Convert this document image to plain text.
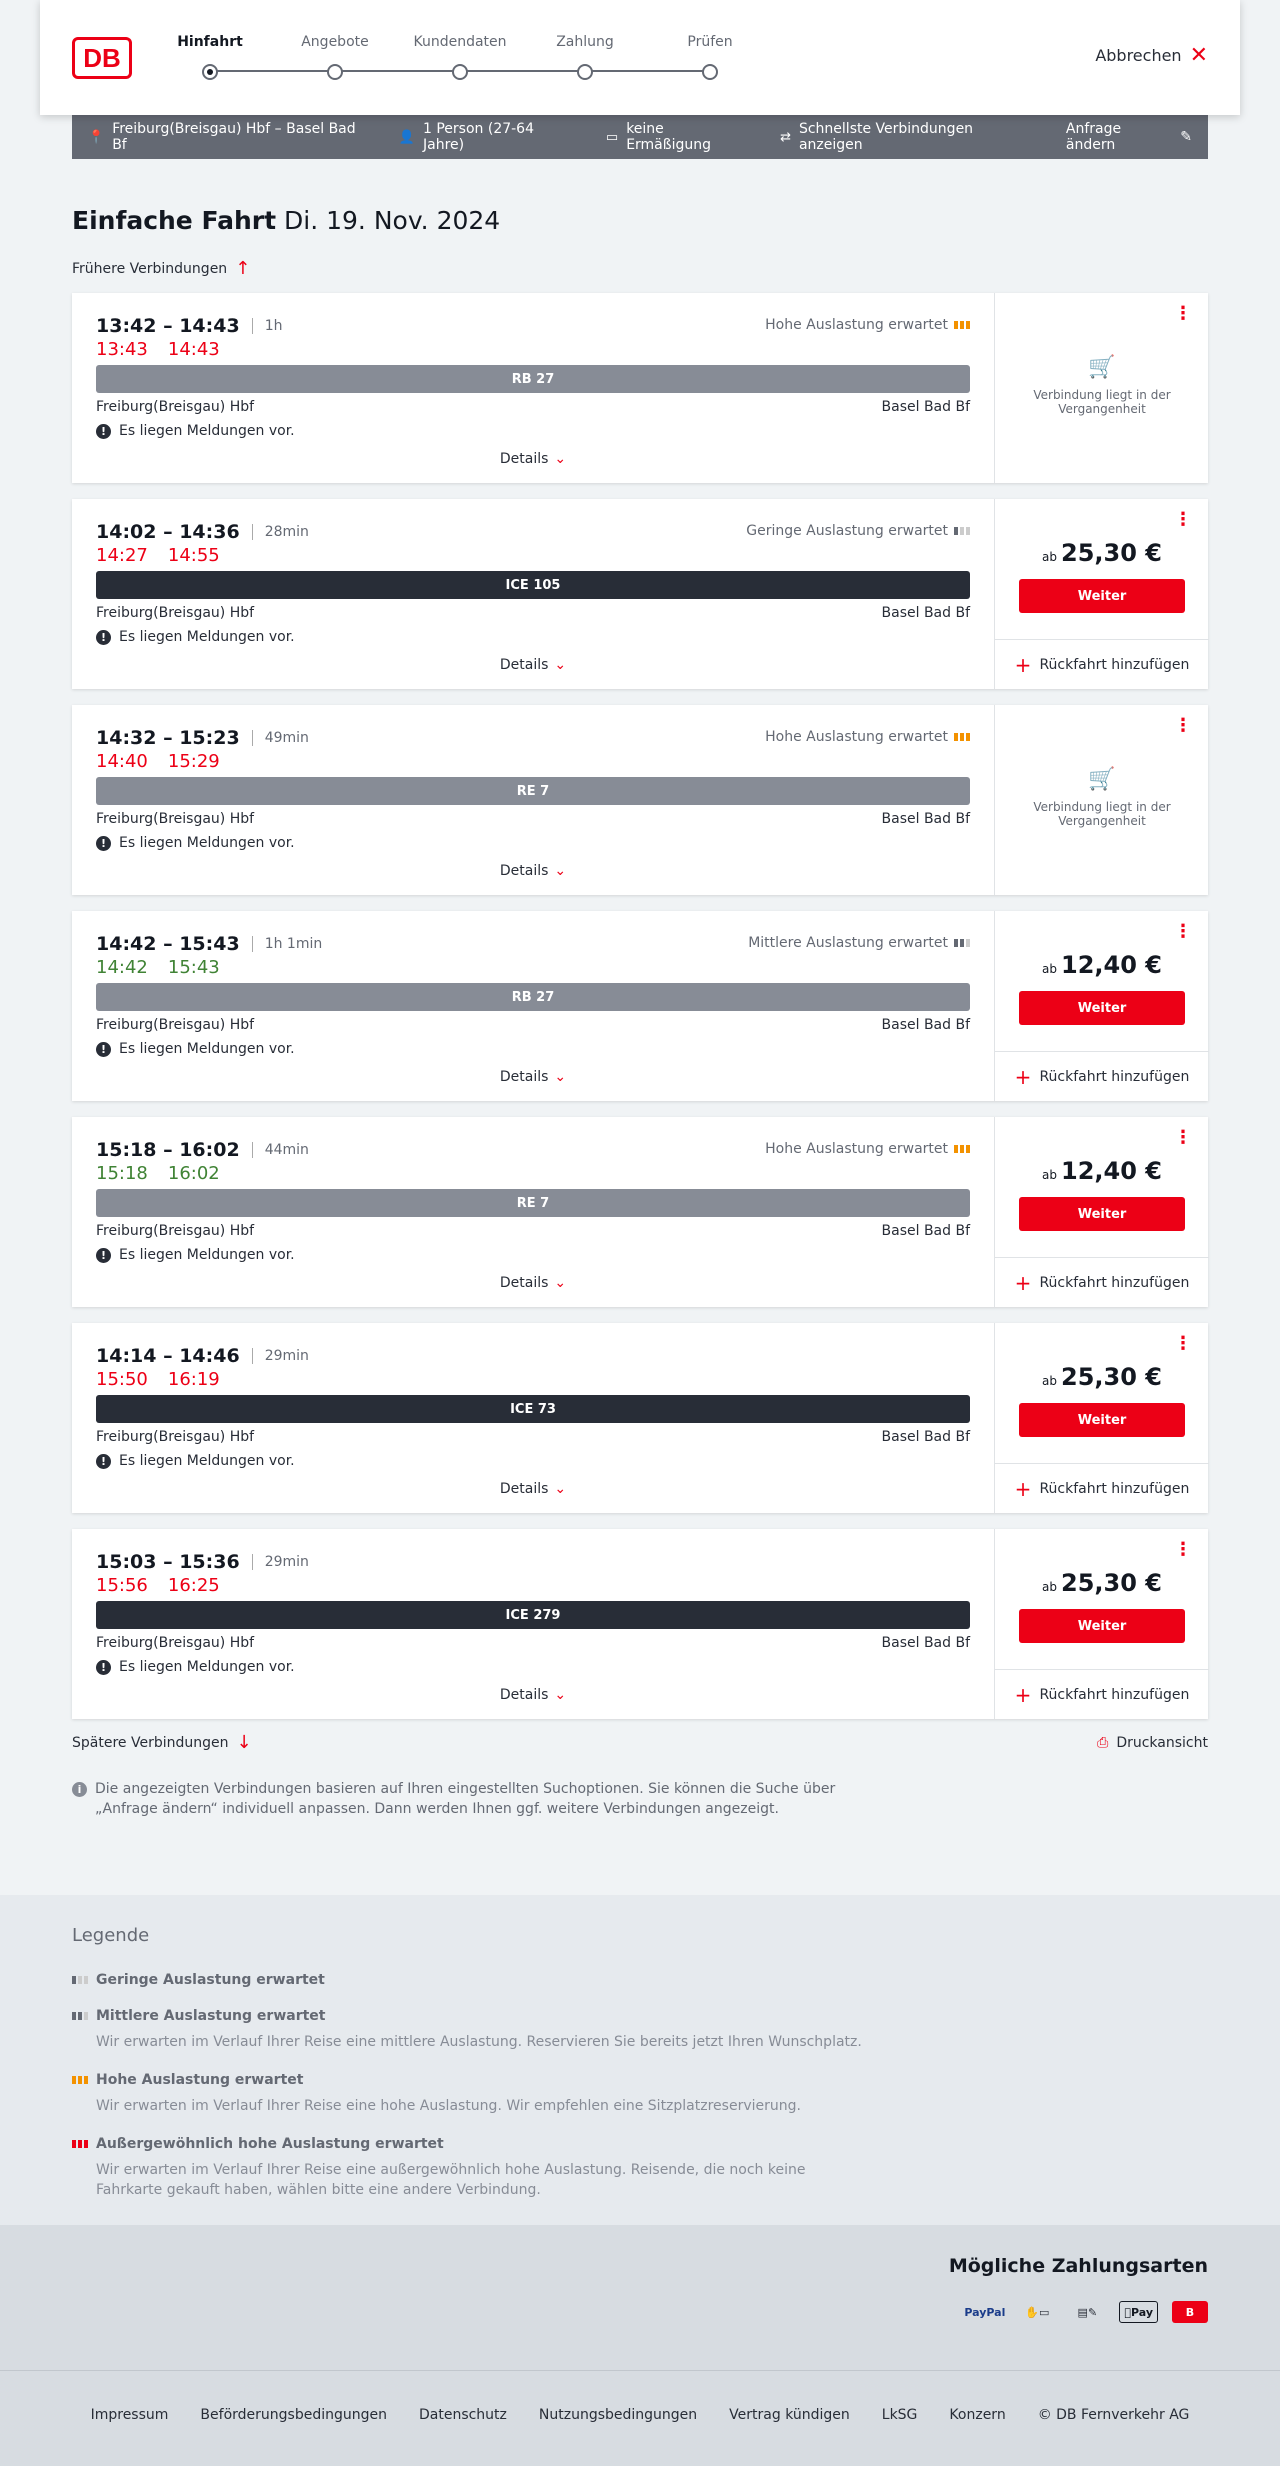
DB
Hinfahrt	Angebote	Kundendaten	Zahlung	Prüfen
Abbrechen ✕
📍 Freiburg(Breisgau) Hbf – Basel Bad Bf	👤 1 Person (27-64 Jahre)	▭ keine Ermäßigung	⇄ Schnellste Verbindungen anzeigen
Anfrage ändern	✎
Einfache Fahrt Di. 19. Nov. 2024
Frühere Verbindungen ↑
13:42 – 14:43 1h	Hohe Auslastung erwartet
13:43 14:43
RB 27
Freiburg(Breisgau) Hbf	Basel Bad Bf
! Es liegen Meldungen vor.
Details ⌄
⋮
🛒
Verbindung liegt in der Vergangenheit
14:02 – 14:36 28min	Geringe Auslastung erwartet
14:27 14:55
ICE 105
Freiburg(Breisgau) Hbf	Basel Bad Bf
! Es liegen Meldungen vor.
Details ⌄
⋮
ab 25,30 €
Weiter
+ Rückfahrt hinzufügen
14:32 – 15:23 49min	Hohe Auslastung erwartet
14:40 15:29
RE 7
Freiburg(Breisgau) Hbf	Basel Bad Bf
! Es liegen Meldungen vor.
Details ⌄
⋮
🛒
Verbindung liegt in der Vergangenheit
14:42 – 15:43 1h 1min	Mittlere Auslastung erwartet
14:42 15:43
RB 27
Freiburg(Breisgau) Hbf	Basel Bad Bf
! Es liegen Meldungen vor.
Details ⌄
⋮
ab 12,40 €
Weiter
+ Rückfahrt hinzufügen
15:18 – 16:02 44min	Hohe Auslastung erwartet
15:18 16:02
RE 7
Freiburg(Breisgau) Hbf	Basel Bad Bf
! Es liegen Meldungen vor.
Details ⌄
⋮
ab 12,40 €
Weiter
+ Rückfahrt hinzufügen
14:14 – 14:46 29min
15:50 16:19
ICE 73
Freiburg(Breisgau) Hbf	Basel Bad Bf
! Es liegen Meldungen vor.
Details ⌄
⋮
ab 25,30 €
Weiter
+ Rückfahrt hinzufügen
15:03 – 15:36 29min
15:56 16:25
ICE 279
Freiburg(Breisgau) Hbf	Basel Bad Bf
! Es liegen Meldungen vor.
Details ⌄
⋮
ab 25,30 €
Weiter
+ Rückfahrt hinzufügen
Spätere Verbindungen ↓	⎙ Druckansicht
i Die angezeigten Verbindungen basieren auf Ihren eingestellten Suchoptionen. Sie können die Suche über „Anfrage ändern“ individuell anpassen. Dann werden Ihnen ggf. weitere Verbindungen angezeigt.
Legende
Geringe Auslastung erwartet
Mittlere Auslastung erwartet
Wir erwarten im Verlauf Ihrer Reise eine mittlere Auslastung. Reservieren Sie bereits jetzt Ihren Wunschplatz.
Hohe Auslastung erwartet
Wir erwarten im Verlauf Ihrer Reise eine hohe Auslastung. Wir empfehlen eine Sitzplatzreservierung.
Außergewöhnlich hohe Auslastung erwartet
Wir erwarten im Verlauf Ihrer Reise eine außergewöhnlich hohe Auslastung. Reisende, die noch keine Fahrkarte gekauft haben, wählen bitte eine andere Verbindung.
Mögliche Zahlungsarten
PayPal	✋▭	▤✎	Pay	B
Impressum Beförderungsbedingungen Datenschutz Nutzungsbedingungen Vertrag kündigen LkSG Konzern © DB Fernverkehr AG
